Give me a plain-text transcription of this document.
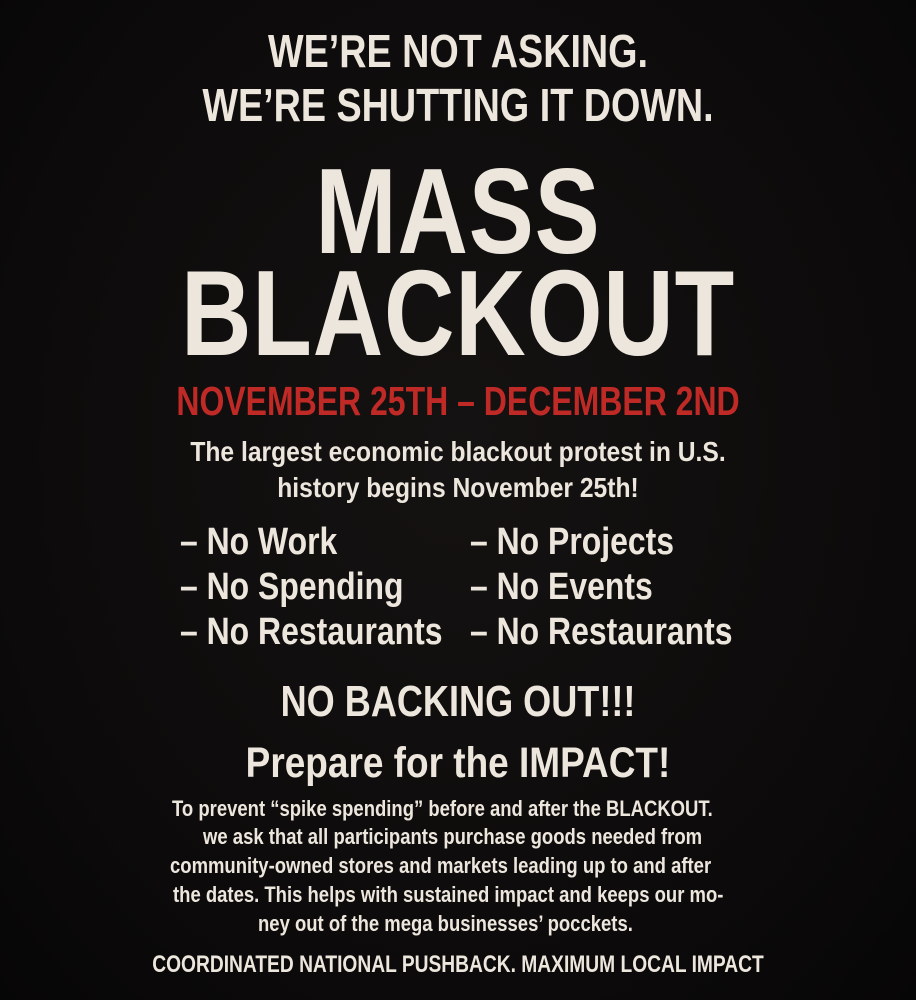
WE’RE NOT ASKING.
WE’RE SHUTTING IT DOWN.
MASS
BLACKOUT
NOVEMBER 25TH – DECEMBER 2ND
The largest economic blackout protest in U.S.
history begins November 25th!
– No Work
– No Spending
– No Restaurants
– No Projects
– No Events
– No Restaurants
NO BACKING OUT!!!
Prepare for the IMPACT!
To prevent “spike spending” before and after the BLACKOUT.
we ask that all participants purchase goods needed from
community-owned stores and markets leading up to and after
the dates. This helps with sustained impact and keeps our mo-
ney out of the mega businesses’ pocckets.
COORDINATED NATIONAL PUSHBACK. MAXIMUM LOCAL IMPACT
